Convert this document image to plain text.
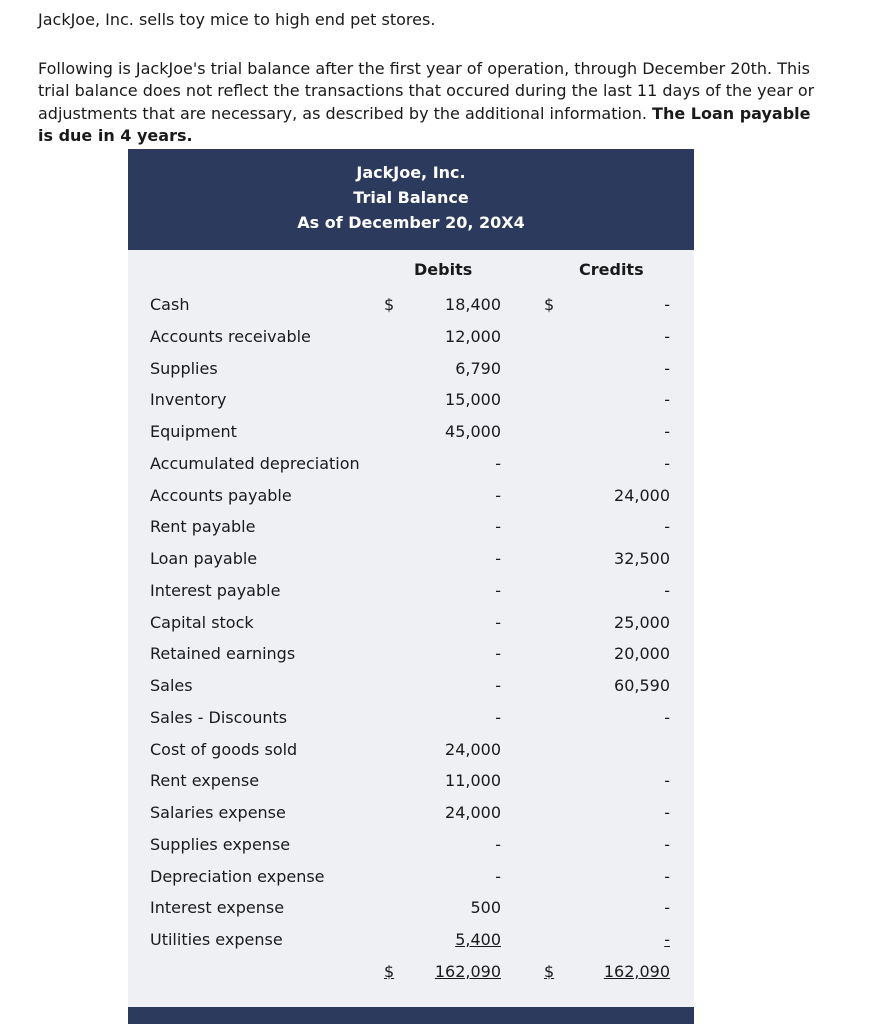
JackJoe, Inc. sells toy mice to high end pet stores.

Following is JackJoe's trial balance after the first year of operation, through December 20th. This trial balance does not reflect the transactions that occured during the last 11 days of the year or adjustments that are necessary, as described by the additional information. The Loan payable is due in 4 years.

JackJoe, Inc.
Trial Balance
As of December 20, 20X4
Debits	Credits
Cash	$	18,400	$	-
Accounts receivable	12,000	-
Supplies	6,790	-
Inventory	15,000	-
Equipment	45,000	-
Accumulated depreciation	-	-
Accounts payable	-	24,000
Rent payable	-	-
Loan payable	-	32,500
Interest payable	-	-
Capital stock	-	25,000
Retained earnings	-	20,000
Sales	-	60,590
Sales - Discounts	-	-
Cost of goods sold	24,000
Rent expense	11,000	-
Salaries expense	24,000	-
Supplies expense	-	-
Depreciation expense	-	-
Interest expense	500	-
Utilities expense	5,400	-
$	162,090	$	162,090
